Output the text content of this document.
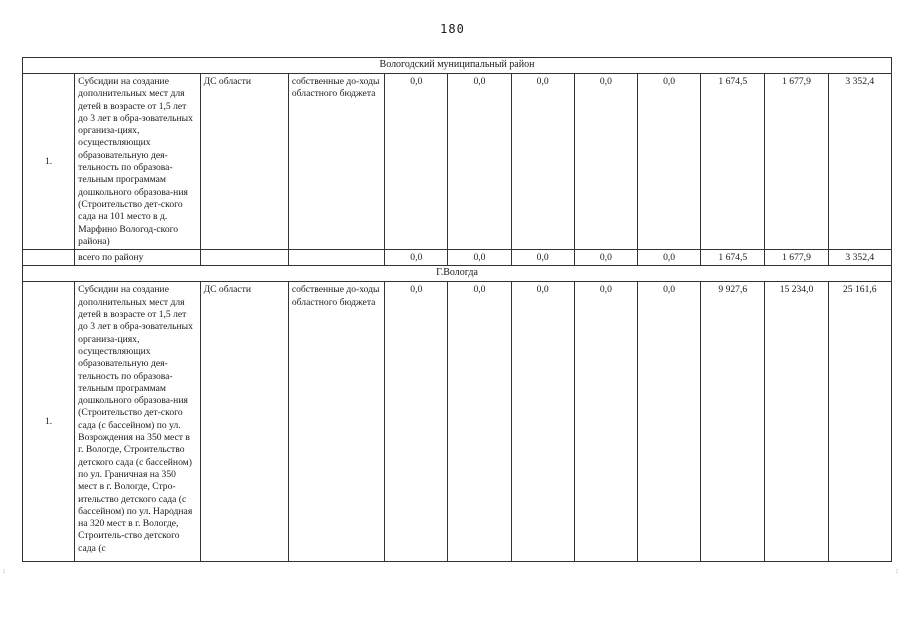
180
Вологодский муниципальный район											
1.	Субсидии на создание дополнительных мест для детей в возрасте от 1,5 лет до 3 лет в обра-зовательных организа-циях, осуществляющих образовательную дея-тельность по образова-тельным программам дошкольного образова-ния (Строительство дет-ского сада на 101 место в д. Марфино Вологод-ского района)	ДС области	собственные до-ходы областного бюджета	0,0	0,0	0,0	0,0	0,0	1 674,5	1 677,9	3 352,4
	всего по району			0,0	0,0	0,0	0,0	0,0	1 674,5	1 677,9	3 352,4
Г.Вологда											
1.	Субсидии на создание дополнительных мест для детей в возрасте от 1,5 лет до 3 лет в обра-зовательных организа-циях, осуществляющих образовательную дея-тельность по образова-тельным программам дошкольного образова-ния (Строительство дет-ского сада (с бассейном) по ул. Возрождения на 350 мест в г. Вологде, Строительство детского сада (с бассейном) по ул. Граничная на 350 мест в г. Вологде, Стро-ительство детского сада (с бассейном) по ул. Народная на 320 мест в г. Вологде, Строитель-ство детского сада (с	ДС области	собственные до-ходы областного бюджета	0,0	0,0	0,0	0,0	0,0	9 927,6	15 234,0	25 161,6
⁝	⁝
